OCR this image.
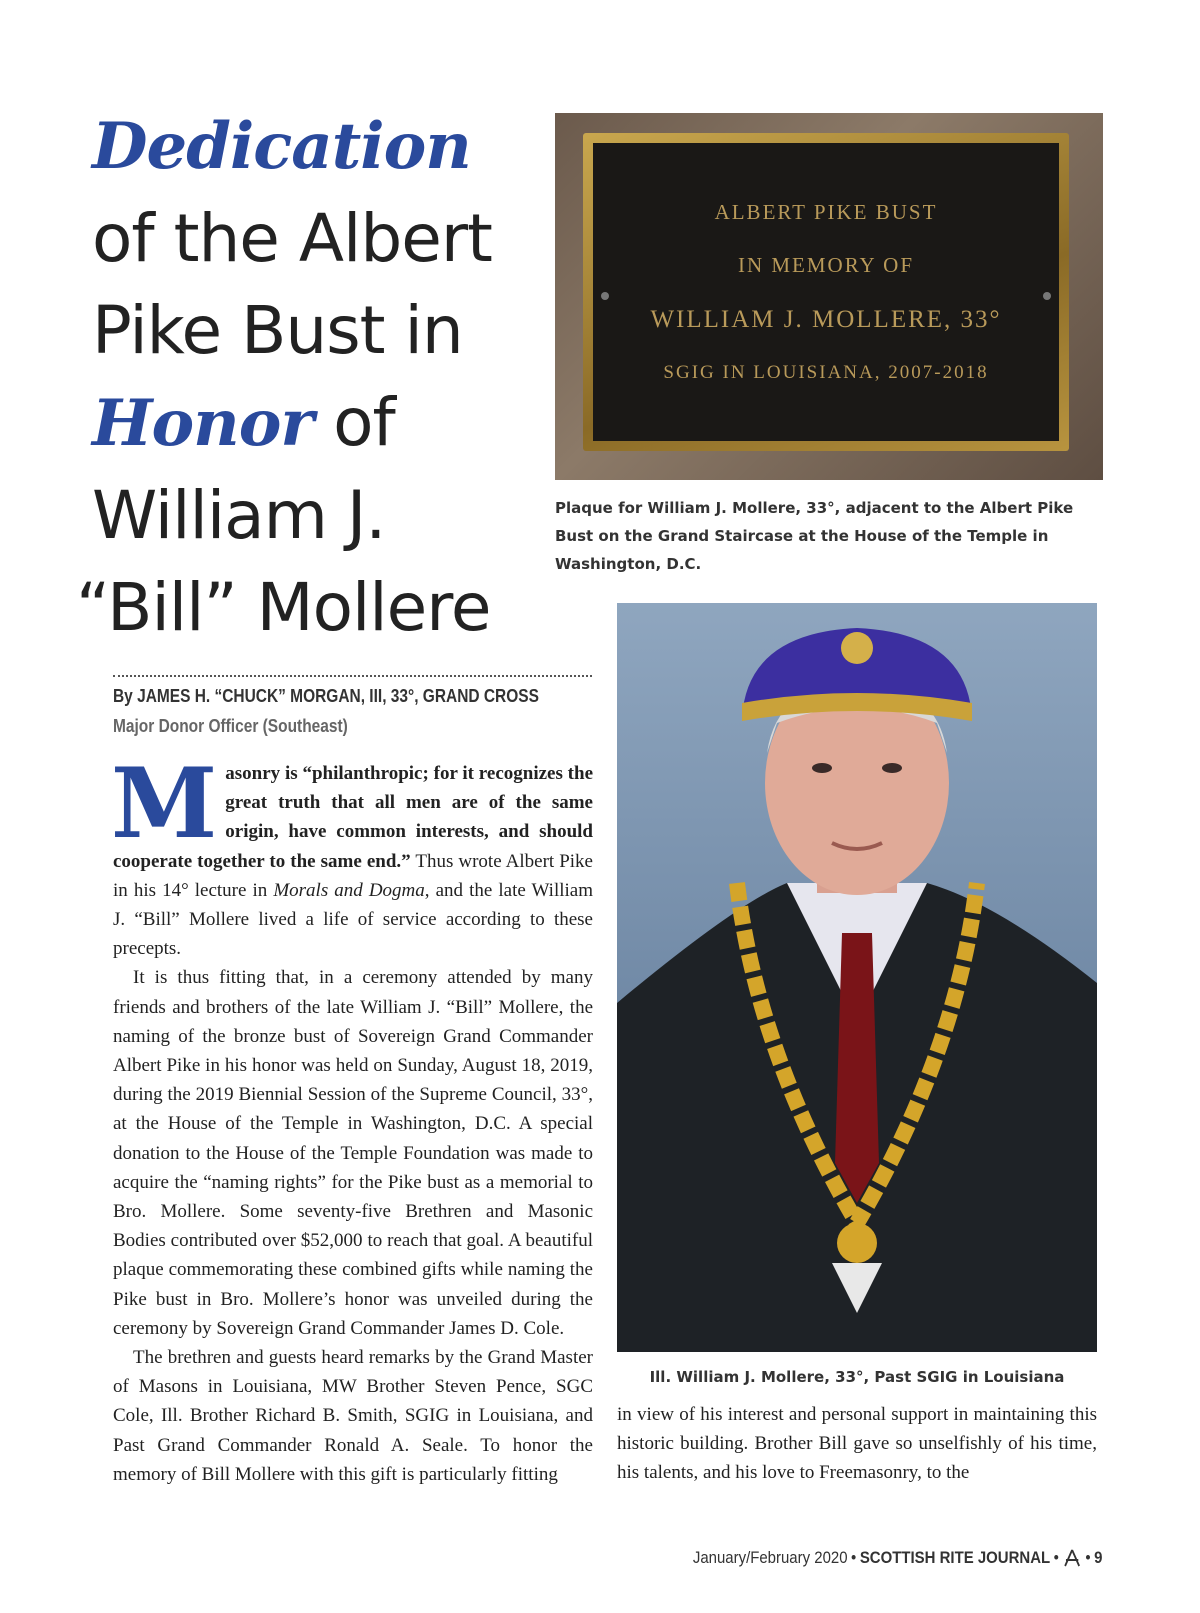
Dedication
of the Albert
Pike Bust in
Honor of
William J.
“Bill” Mollere
ALBERT PIKE BUST
IN MEMORY OF
WILLIAM J. MOLLERE, 33°
SGIG IN LOUISIANA, 2007-2018
Plaque for William J. Mollere, 33°, adjacent to the Albert Pike Bust on the Grand Staircase at the House of the Temple in Washington, D.C.
Ill. William J. Mollere, 33°, Past SGIG in Louisiana
By JAMES H. “CHUCK” MORGAN, III, 33°, GRAND CROSS
Major Donor Officer (Southeast)

Masonry is “philanthropic; for it recognizes the great truth that all men are of the same origin, have common interests, and should cooperate together to the same end.” Thus wrote Albert Pike in his 14° lecture in Morals and Dogma, and the late William J. “Bill” Mollere lived a life of service according to these precepts.

It is thus fitting that, in a ceremony attended by many friends and brothers of the late William J. “Bill” Mollere, the naming of the bronze bust of Sovereign Grand Commander Albert Pike in his honor was held on Sunday, August 18, 2019, during the 2019 Biennial Session of the Supreme Council, 33°, at the House of the Temple in Washington, D.C. A special donation to the House of the Temple Foundation was made to acquire the “naming rights” for the Pike bust as a memorial to Bro. Mollere. Some seventy-five Brethren and Masonic Bodies contributed over $52,000 to reach that goal. A beautiful plaque commemorating these combined gifts while naming the Pike bust in Bro. Mollere’s honor was unveiled during the ceremony by Sovereign Grand Commander James D. Cole.

The brethren and guests heard remarks by the Grand Master of Masons in Louisiana, MW Brother Steven Pence, SGC Cole, Ill. Brother Richard B. Smith, SGIG in Louisiana, and Past Grand Commander Ronald A. Seale. To honor the memory of Bill Mollere with this gift is particularly fitting

in view of his interest and personal support in maintaining this historic building. Brother Bill gave so unselfishly of his time, his talents, and his love to Freemasonry, to the

January/February 2020 • SCOTTISH RITE JOURNAL • • 9
